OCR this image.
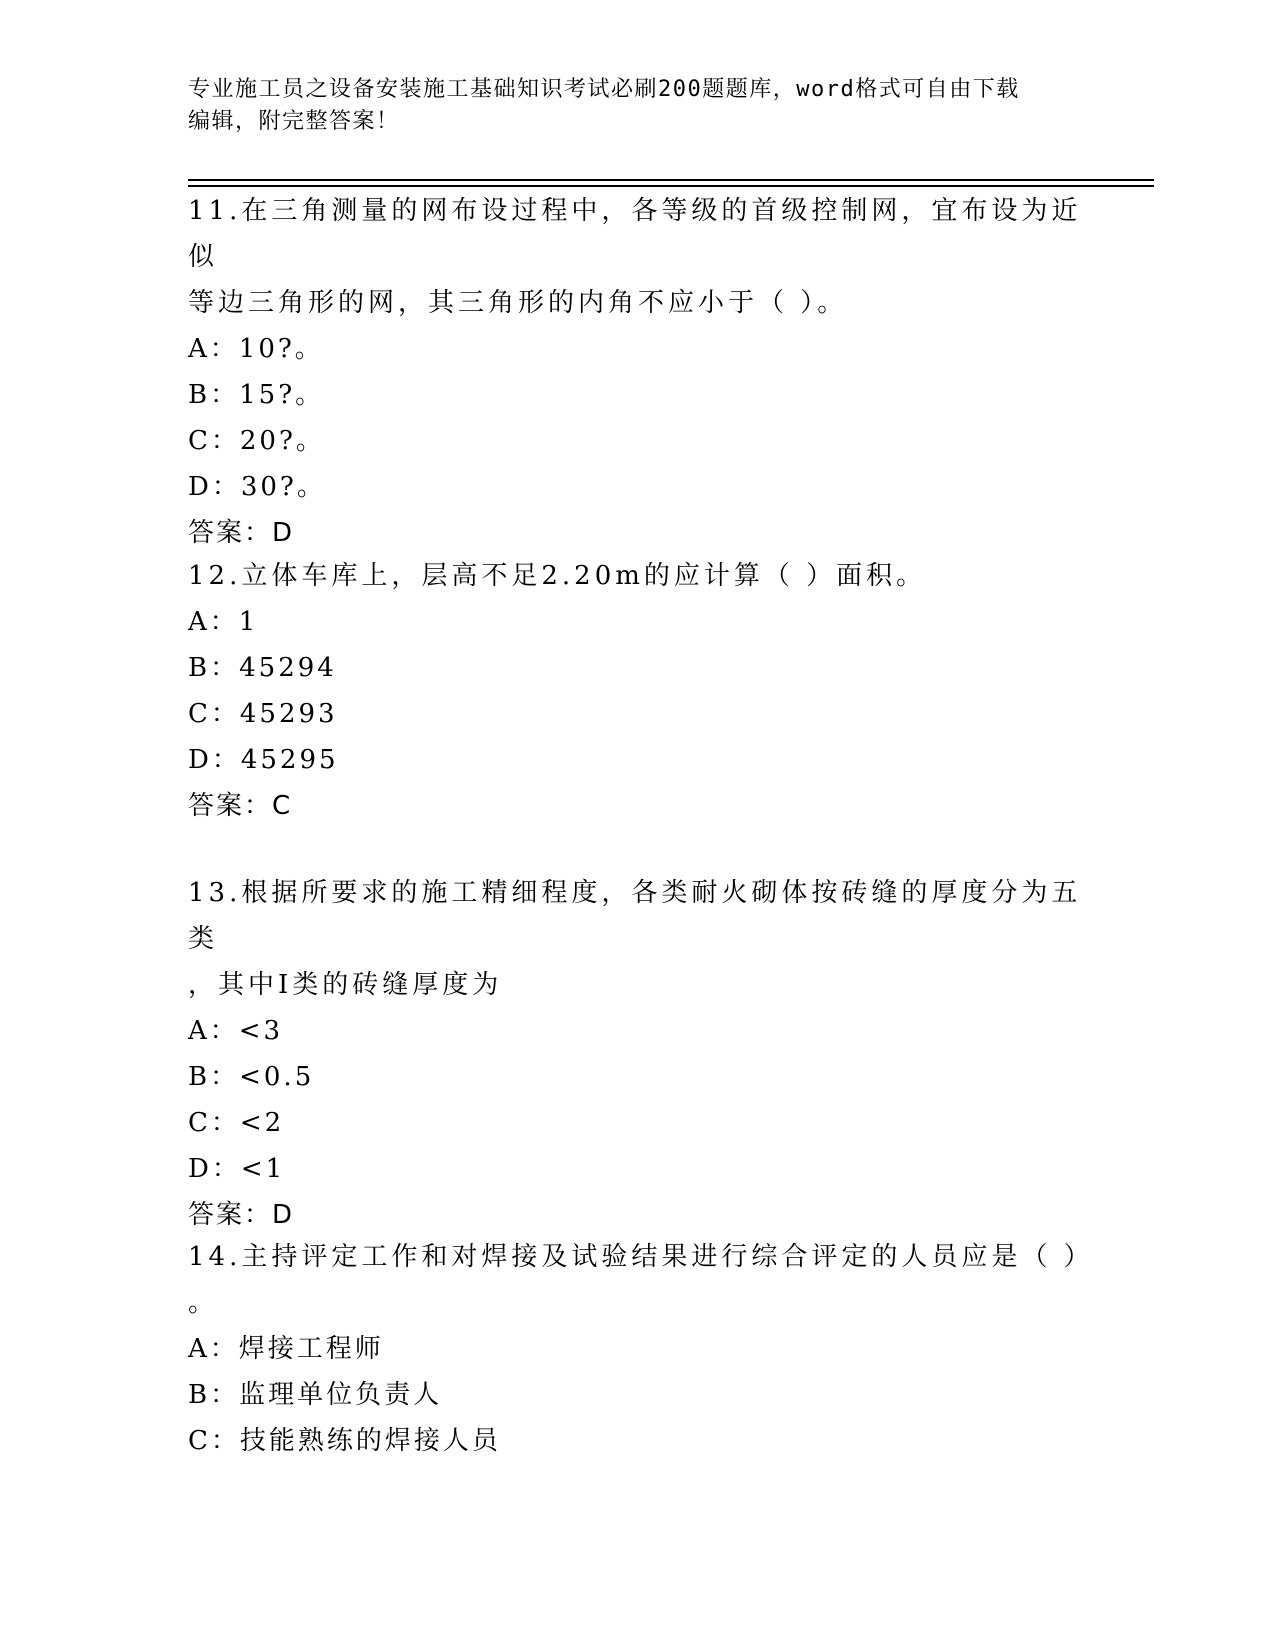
专业施工员之设备安装施工基础知识考试必刷200题题库，word格式可自由下载
编辑，附完整答案！
11.在三角测量的网布设过程中，各等级的首级控制网，宜布设为近似
等边三角形的网，其三角形的内角不应小于（ ）。
A：10?。
B：15?。
C：20?。
D：30?。
答案：D
12.立体车库上，层高不足2.20m的应计算（ ）面积。
A：1
B：45294
C：45293
D：45295
答案：C
13.根据所要求的施工精细程度，各类耐火砌体按砖缝的厚度分为五类
，其中Ⅰ类的砖缝厚度为
A：<3
B：<0.5
C：<2
D：<1
答案：D
14.主持评定工作和对焊接及试验结果进行综合评定的人员应是（ ）
。
A：焊接工程师
B：监理单位负责人
C：技能熟练的焊接人员
